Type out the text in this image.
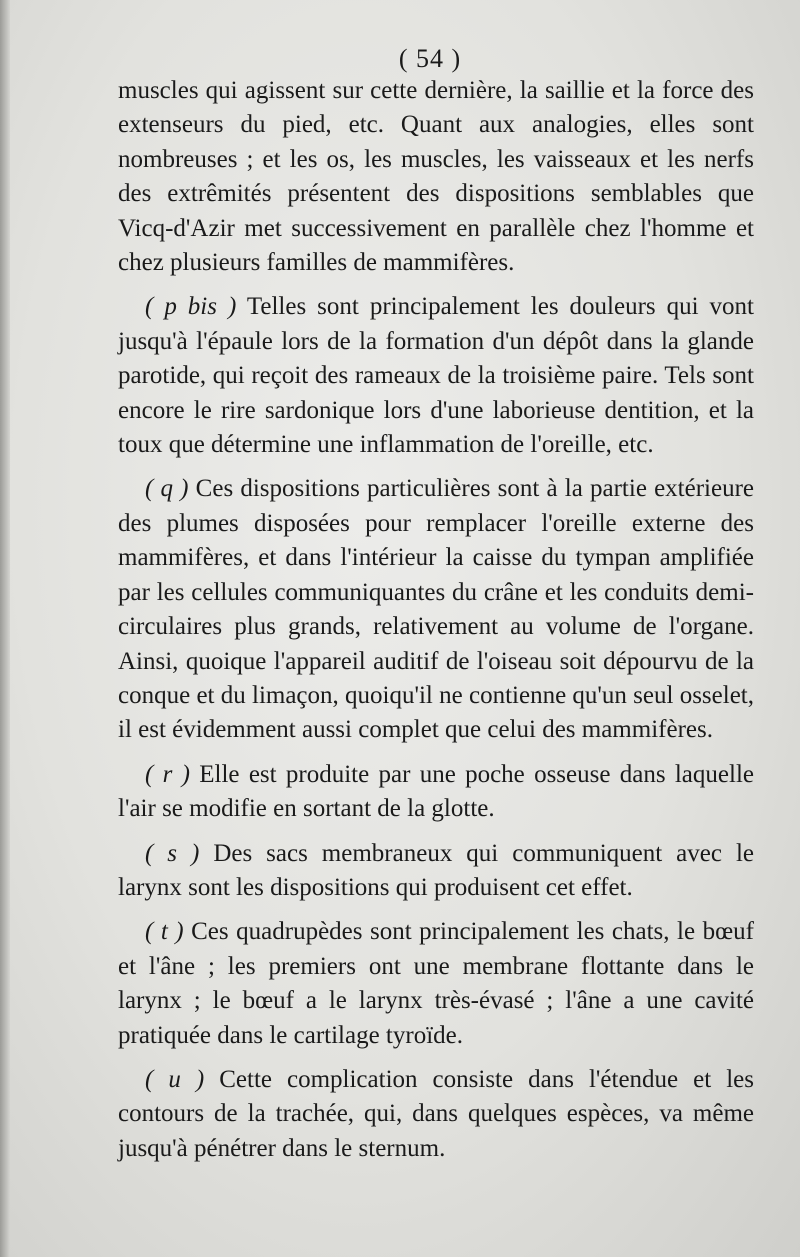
( 54 )

muscles qui agissent sur cette dernière, la saillie et la force des extenseurs du pied, etc. Quant aux analogies, elles sont nombreuses ; et les os, les muscles, les vaisseaux et les nerfs des extrêmités présentent des dispositions semblables que Vicq-d'Azir met successivement en parallèle chez l'homme et chez plusieurs familles de mammifères.

( p bis ) Telles sont principalement les douleurs qui vont jusqu'à l'épaule lors de la formation d'un dépôt dans la glande parotide, qui reçoit des rameaux de la troisième paire. Tels sont encore le rire sardonique lors d'une laborieuse dentition, et la toux que détermine une inflammation de l'oreille, etc.

( q ) Ces dispositions particulières sont à la partie extérieure des plumes disposées pour remplacer l'oreille externe des mammifères, et dans l'intérieur la caisse du tympan amplifiée par les cellules communiquantes du crâne et les conduits demi-circulaires plus grands, relativement au volume de l'organe. Ainsi, quoique l'appareil auditif de l'oiseau soit dépourvu de la conque et du limaçon, quoiqu'il ne contienne qu'un seul osselet, il est évidemment aussi complet que celui des mammifères.

( r ) Elle est produite par une poche osseuse dans laquelle l'air se modifie en sortant de la glotte.

( s ) Des sacs membraneux qui communiquent avec le larynx sont les dispositions qui produisent cet effet.

( t ) Ces quadrupèdes sont principalement les chats, le bœuf et l'âne ; les premiers ont une membrane flottante dans le larynx ; le bœuf a le larynx très-évasé ; l'âne a une cavité pratiquée dans le cartilage tyroïde.

( u ) Cette complication consiste dans l'étendue et les contours de la trachée, qui, dans quelques espèces, va même jusqu'à pénétrer dans le sternum.
